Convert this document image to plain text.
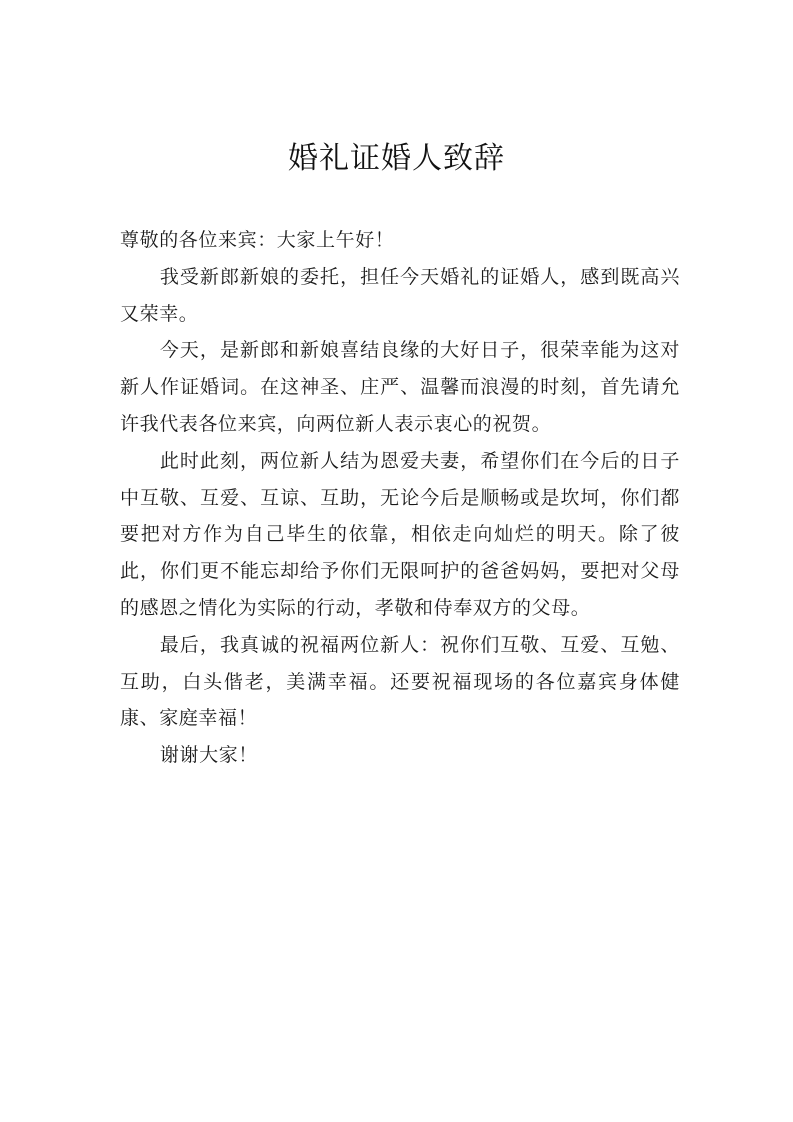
婚礼证婚人致辞

尊敬的各位来宾：大家上午好！

我受新郎新娘的委托，担任今天婚礼的证婚人，感到既高兴又荣幸。

今天，是新郎和新娘喜结良缘的大好日子，很荣幸能为这对新人作证婚词。在这神圣、庄严、温馨而浪漫的时刻，首先请允许我代表各位来宾，向两位新人表示衷心的祝贺。

此时此刻，两位新人结为恩爱夫妻，希望你们在今后的日子中互敬、互爱、互谅、互助，无论今后是顺畅或是坎坷，你们都要把对方作为自己毕生的依靠，相依走向灿烂的明天。除了彼此，你们更不能忘却给予你们无限呵护的爸爸妈妈，要把对父母的感恩之情化为实际的行动，孝敬和侍奉双方的父母。

最后，我真诚的祝福两位新人：祝你们互敬、互爱、互勉、互助，白头偕老，美满幸福。还要祝福现场的各位嘉宾身体健康、家庭幸福！

谢谢大家！
